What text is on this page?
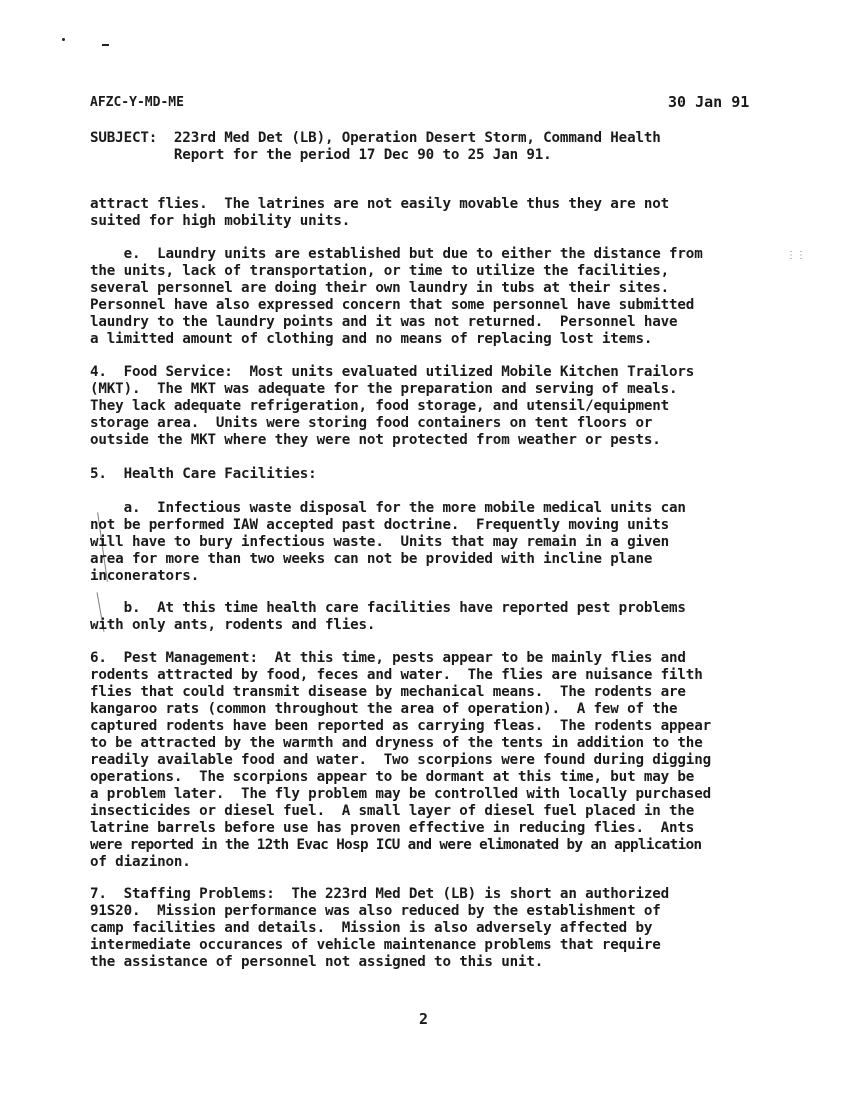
⋮⋮
AFZC-Y-MD-ME	30 Jan 91
SUBJECT:  223rd Med Det (LB), Operation Desert Storm, Command Health
Report for the period 17 Dec 90 to 25 Jan 91.
attract flies.  The latrines are not easily movable thus they are not
suited for high mobility units.
e.  Laundry units are established but due to either the distance from
the units, lack of transportation, or time to utilize the facilities,
several personnel are doing their own laundry in tubs at their sites.
Personnel have also expressed concern that some personnel have submitted
laundry to the laundry points and it was not returned.  Personnel have
a limitted amount of clothing and no means of replacing lost items.
4.  Food Service:  Most units evaluated utilized Mobile Kitchen Trailors
(MKT).  The MKT was adequate for the preparation and serving of meals.
They lack adequate refrigeration, food storage, and utensil/equipment
storage area.  Units were storing food containers on tent floors or
outside the MKT where they were not protected from weather or pests.
5.  Health Care Facilities:
a.  Infectious waste disposal for the more mobile medical units can
not be performed IAW accepted past doctrine.  Frequently moving units
will have to bury infectious waste.  Units that may remain in a given
area for more than two weeks can not be provided with incline plane
inconerators.
b.  At this time health care facilities have reported pest problems
with only ants, rodents and flies.
6.  Pest Management:  At this time, pests appear to be mainly flies and
rodents attracted by food, feces and water.  The flies are nuisance filth
flies that could transmit disease by mechanical means.  The rodents are
kangaroo rats (common throughout the area of operation).  A few of the
captured rodents have been reported as carrying fleas.  The rodents appear
to be attracted by the warmth and dryness of the tents in addition to the
readily available food and water.  Two scorpions were found during digging
operations.  The scorpions appear to be dormant at this time, but may be
a problem later.  The fly problem may be controlled with locally purchased
insecticides or diesel fuel.  A small layer of diesel fuel placed in the
latrine barrels before use has proven effective in reducing flies.  Ants
were reported in the 12th Evac Hosp ICU and were elimonated by an application
of diazinon.
7.  Staffing Problems:  The 223rd Med Det (LB) is short an authorized
91S20.  Mission performance was also reduced by the establishment of
camp facilities and details.  Mission is also adversely affected by
intermediate occurances of vehicle maintenance problems that require
the assistance of personnel not assigned to this unit.
2
